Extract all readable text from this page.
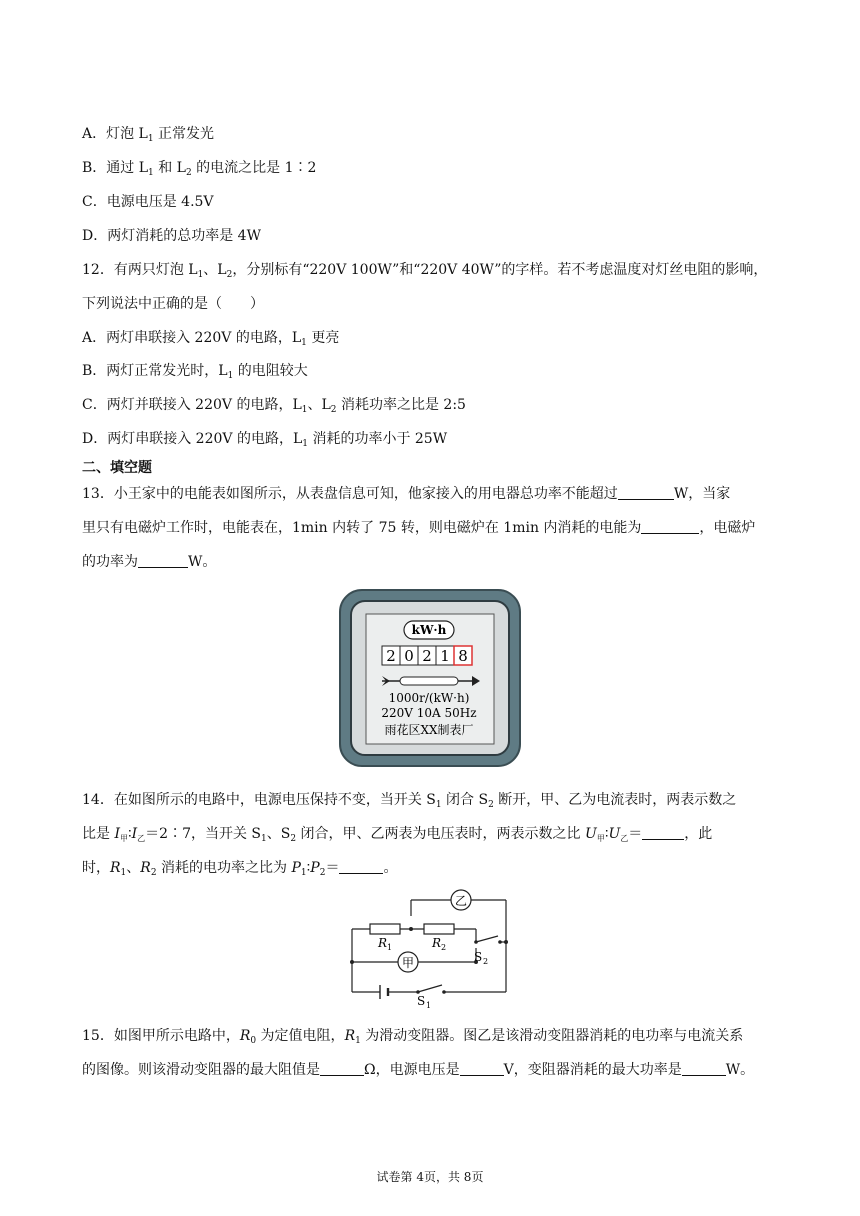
A．灯泡 $L_1$ 正常发光
B．通过 $L_1$ 和 $L_2$ 的电流之比是 1∶2
C．电源电压是 4.5V
D．两灯消耗的总功率是 4W
12．有两只灯泡 $L_1$、$L_2$，分别标有“220V 100W”和“220V 40W”的字样。若不考虑温度对灯丝电阻的影响，
下列说法中正确的是（　　）
A．两灯串联接入 220V 的电路，$L_1$ 更亮
B．两灯正常发光时，$L_1$ 的电阻较大
C．两灯并联接入 220V 的电路，$L_1$、$L_2$ 消耗功率之比是 2:5
D．两灯串联接入 220V 的电路，$L_1$ 消耗的功率小于 25W
二、填空题
13．小王家中的电能表如图所示，从表盘信息可知，他家接入的用电器总功率不能超过	W，当家
里只有电磁炉工作时，电能表在，1min 内转了 75 转，则电磁炉在 1min 内消耗的电能为	，电磁炉
的功率为	W。
kW·h
2 0 2 1 8
1000r/(kW·h)
220V 10A 50Hz
雨花区XX制表厂
14．在如图所示的电路中，电源电压保持不变，当开关 $S_1$ 闭合 $S_2$ 断开，甲、乙为电流表时，两表示数之
比是 $I_甲∶I_乙=2∶7$，当开关 $S_1$、$S_2$ 闭合，甲、乙两表为电压表时，两表示数之比 $U_甲∶U_乙=$	，此
时，$R_1$、$R_2$ 消耗的电功率之比为 $P_1∶P_2=$	。
乙
甲
R 1	R 2
S 2
S 1
15．如图甲所示电路中，$R_0$ 为定值电阻，$R_1$ 为滑动变阻器。图乙是该滑动变阻器消耗的电功率与电流关系
的图像。则该滑动变阻器的最大阻值是	Ω，电源电压是	V，变阻器消耗的最大功率是	W。
试卷第 4页，共 8页
